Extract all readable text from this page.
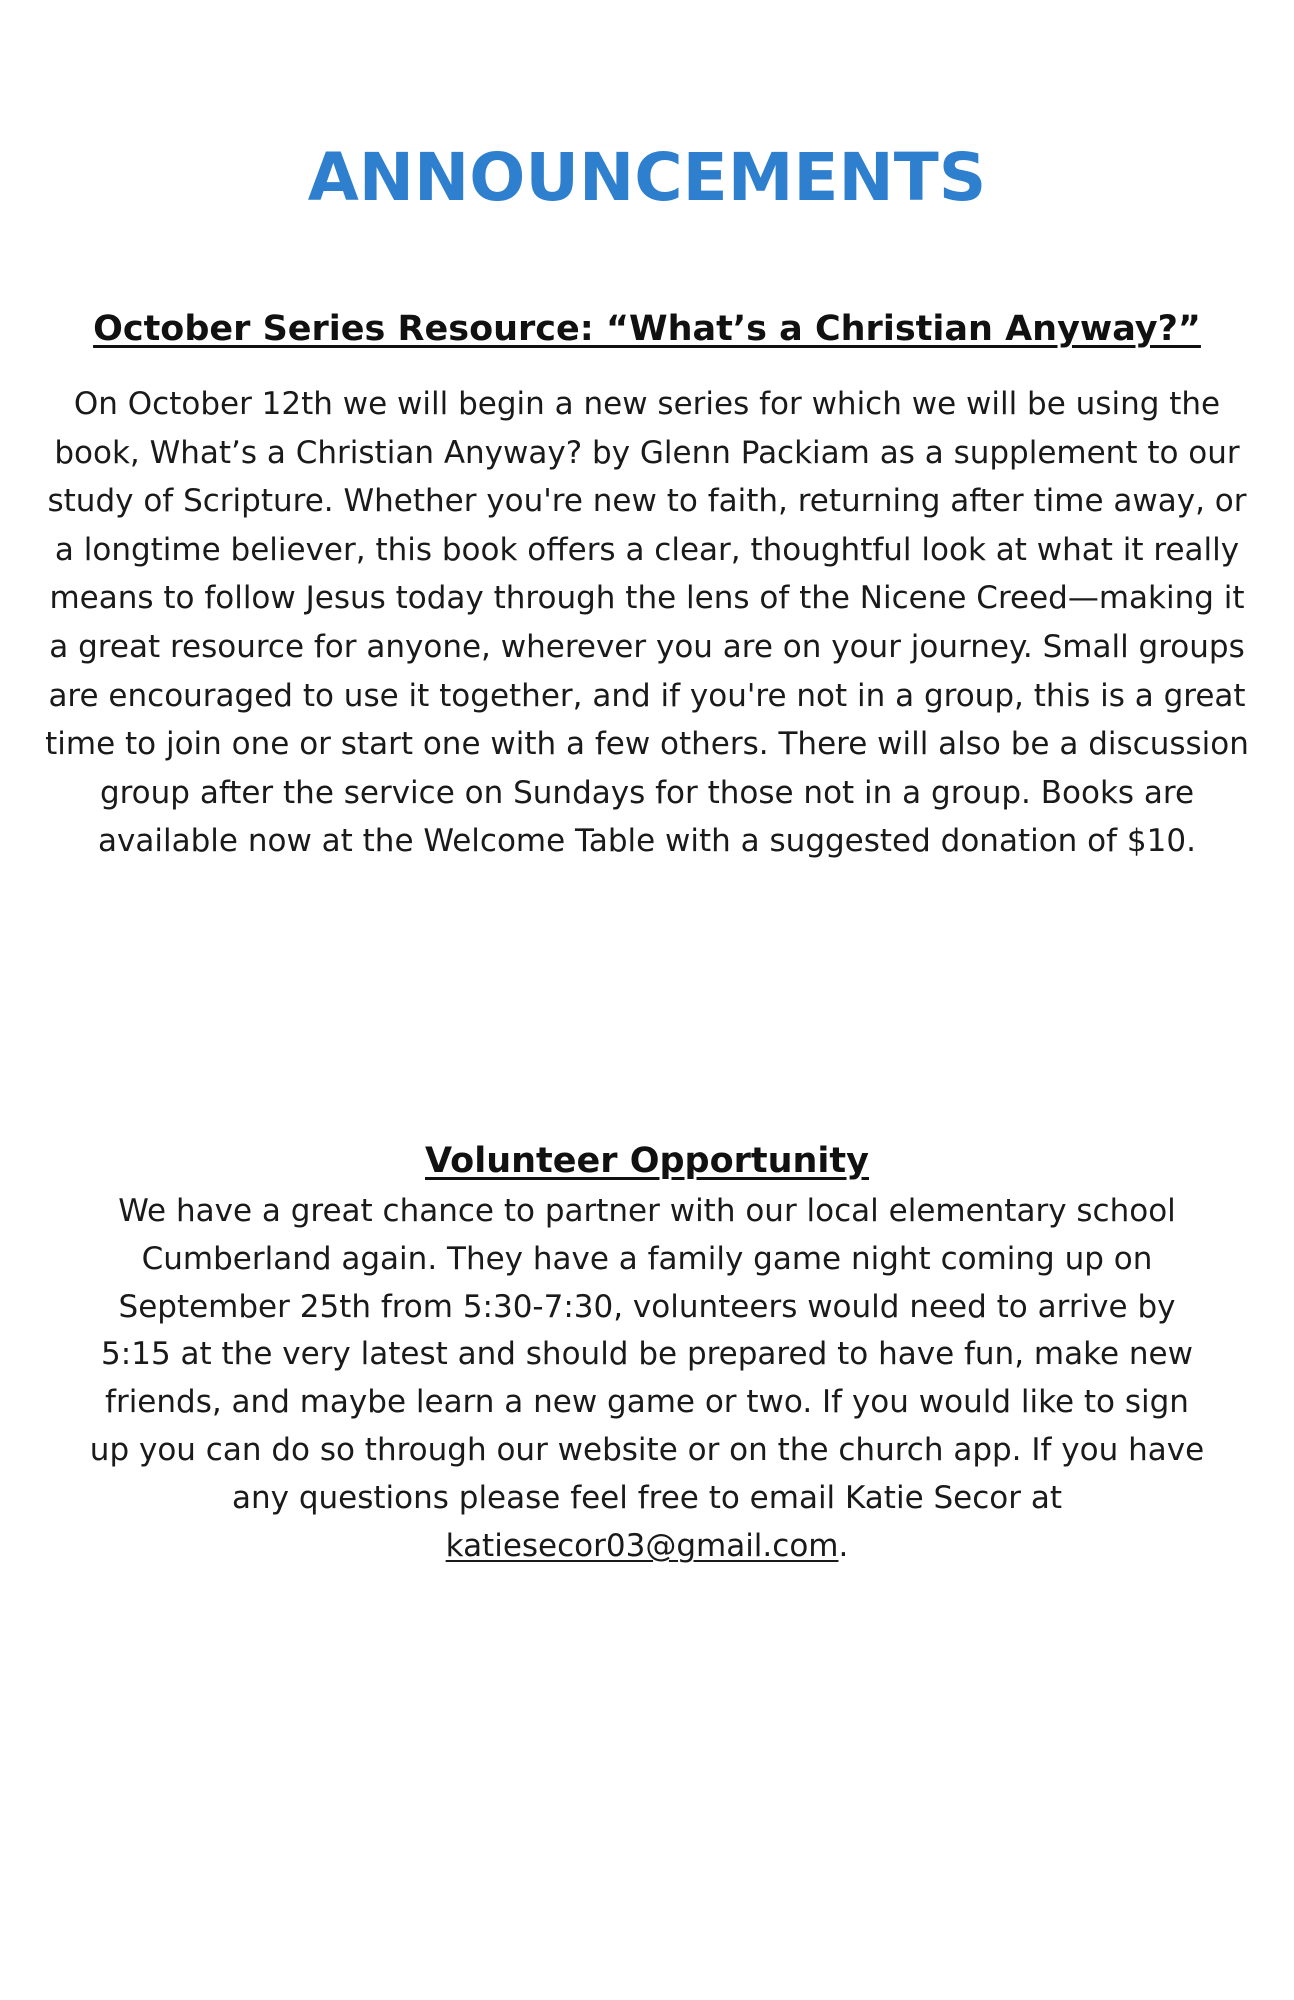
ANNOUNCEMENTS
October Series Resource: “What’s a Christian Anyway?”

On October 12th we will begin a new series for which we will be using the book, What’s a Christian Anyway? by Glenn Packiam as a supplement to our study of Scripture. Whether you're new to faith, returning after time away, or a longtime believer, this book offers a clear, thoughtful look at what it really means to follow Jesus today through the lens of the Nicene Creed—making it a great resource for anyone, wherever you are on your journey. Small groups are encouraged to use it together, and if you're not in a group, this is a great time to join one or start one with a few others. There will also be a discussion group after the service on Sundays for those not in a group. Books are available now at the Welcome Table with a suggested donation of $10.

Volunteer Opportunity

We have a great chance to partner with our local elementary school Cumberland again. They have a family game night coming up on September 25th from 5:30-7:30, volunteers would need to arrive by 5:15 at the very latest and should be prepared to have fun, make new friends, and maybe learn a new game or two. If you would like to sign up you can do so through our website or on the church app. If you have any questions please feel free to email Katie Secor at katiesecor03@gmail.com.
